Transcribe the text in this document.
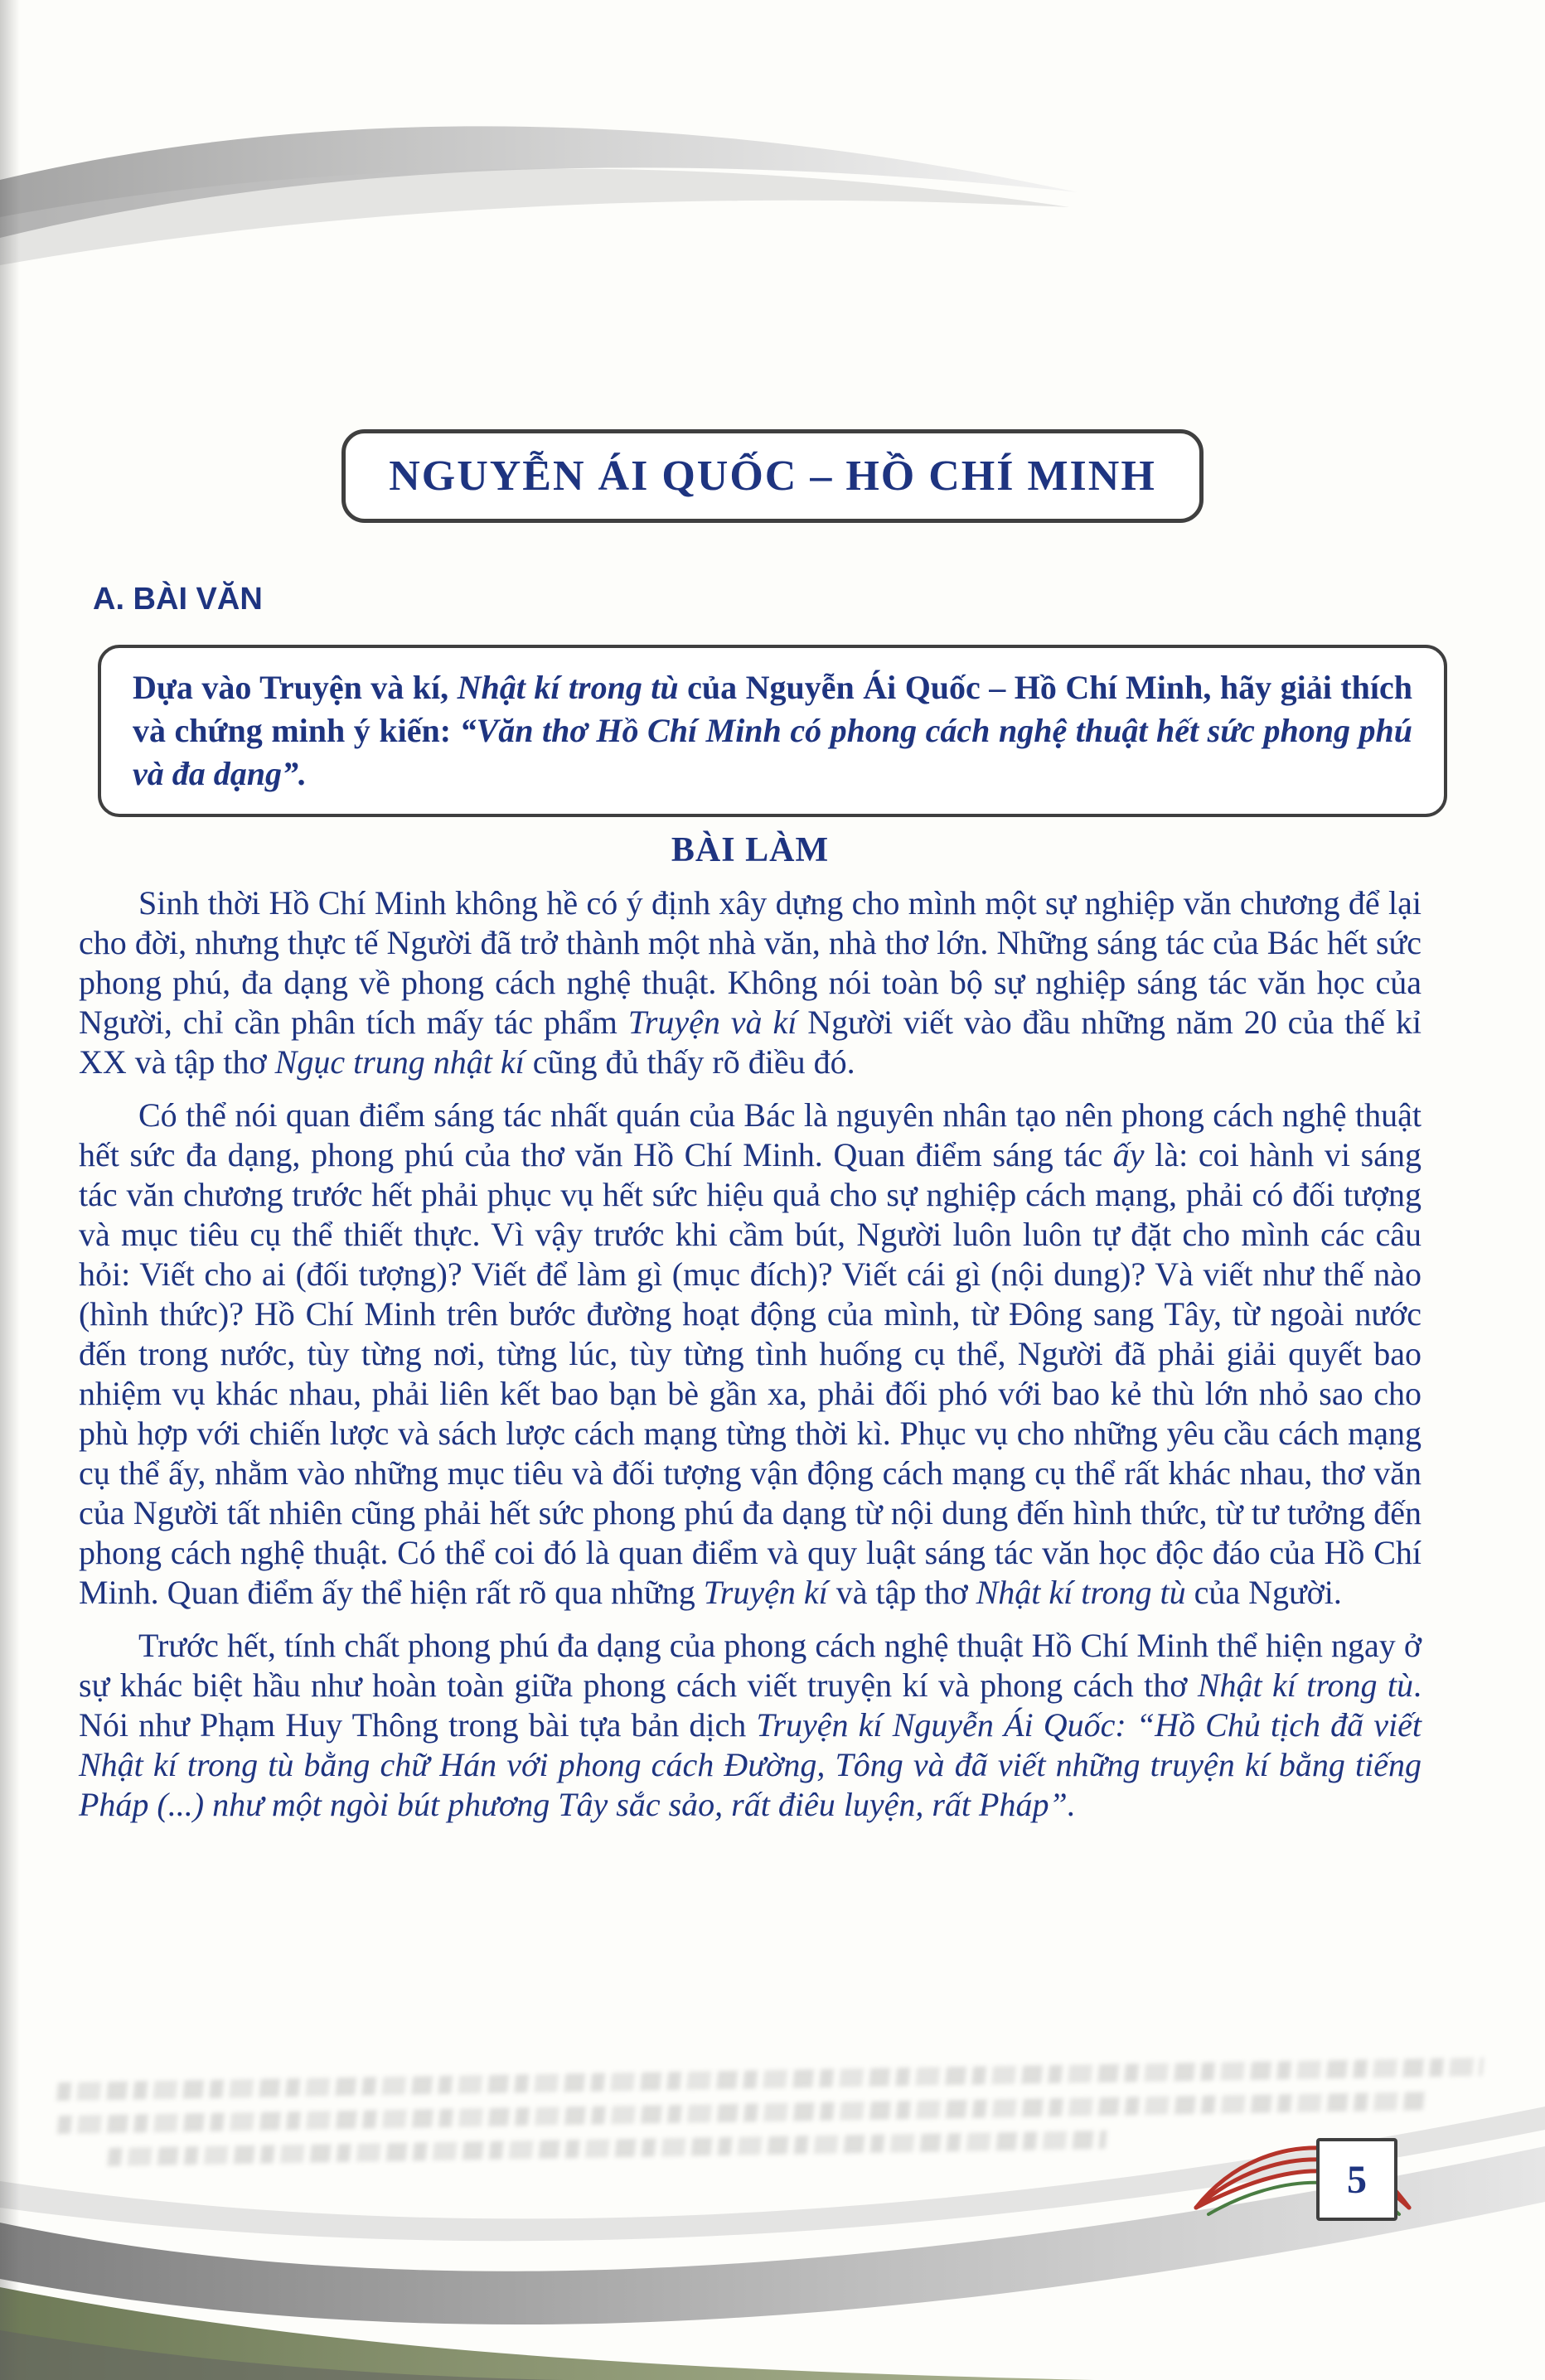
NGUYỄN ÁI QUỐC – HỒ CHÍ MINH
A. BÀI VĂN

Dựa vào Truyện và kí, Nhật kí trong tù của Nguyễn Ái Quốc – Hồ Chí Minh, hãy giải thích và chứng minh ý kiến: “Văn thơ Hồ Chí Minh có phong cách nghệ thuật hết sức phong phú và đa dạng”.

BÀI LÀM

Sinh thời Hồ Chí Minh không hề có ý định xây dựng cho mình một sự nghiệp văn chương để lại cho đời, nhưng thực tế Người đã trở thành một nhà văn, nhà thơ lớn. Những sáng tác của Bác hết sức phong phú, đa dạng về phong cách nghệ thuật. Không nói toàn bộ sự nghiệp sáng tác văn học của Người, chỉ cần phân tích mấy tác phẩm Truyện và kí Người viết vào đầu những năm 20 của thế kỉ XX và tập thơ Ngục trung nhật kí cũng đủ thấy rõ điều đó.

Có thể nói quan điểm sáng tác nhất quán của Bác là nguyên nhân tạo nên phong cách nghệ thuật hết sức đa dạng, phong phú của thơ văn Hồ Chí Minh. Quan điểm sáng tác ấy là: coi hành vi sáng tác văn chương trước hết phải phục vụ hết sức hiệu quả cho sự nghiệp cách mạng, phải có đối tượng và mục tiêu cụ thể thiết thực. Vì vậy trước khi cầm bút, Người luôn luôn tự đặt cho mình các câu hỏi: Viết cho ai (đối tượng)? Viết để làm gì (mục đích)? Viết cái gì (nội dung)? Và viết như thế nào (hình thức)? Hồ Chí Minh trên bước đường hoạt động của mình, từ Đông sang Tây, từ ngoài nước đến trong nước, tùy từng nơi, từng lúc, tùy từng tình huống cụ thể, Người đã phải giải quyết bao nhiệm vụ khác nhau, phải liên kết bao bạn bè gần xa, phải đối phó với bao kẻ thù lớn nhỏ sao cho phù hợp với chiến lược và sách lược cách mạng từng thời kì. Phục vụ cho những yêu cầu cách mạng cụ thể ấy, nhằm vào những mục tiêu và đối tượng vận động cách mạng cụ thể rất khác nhau, thơ văn của Người tất nhiên cũng phải hết sức phong phú đa dạng từ nội dung đến hình thức, từ tư tưởng đến phong cách nghệ thuật. Có thể coi đó là quan điểm và quy luật sáng tác văn học độc đáo của Hồ Chí Minh. Quan điểm ấy thể hiện rất rõ qua những Truyện kí và tập thơ Nhật kí trong tù của Người.

Trước hết, tính chất phong phú đa dạng của phong cách nghệ thuật Hồ Chí Minh thể hiện ngay ở sự khác biệt hầu như hoàn toàn giữa phong cách viết truyện kí và phong cách thơ Nhật kí trong tù. Nói như Phạm Huy Thông trong bài tựa bản dịch Truyện kí Nguyễn Ái Quốc: “Hồ Chủ tịch đã viết Nhật kí trong tù bằng chữ Hán với phong cách Đường, Tông và đã viết những truyện kí bằng tiếng Pháp (...) như một ngòi bút phương Tây sắc sảo, rất điêu luyện, rất Pháp”.

5
